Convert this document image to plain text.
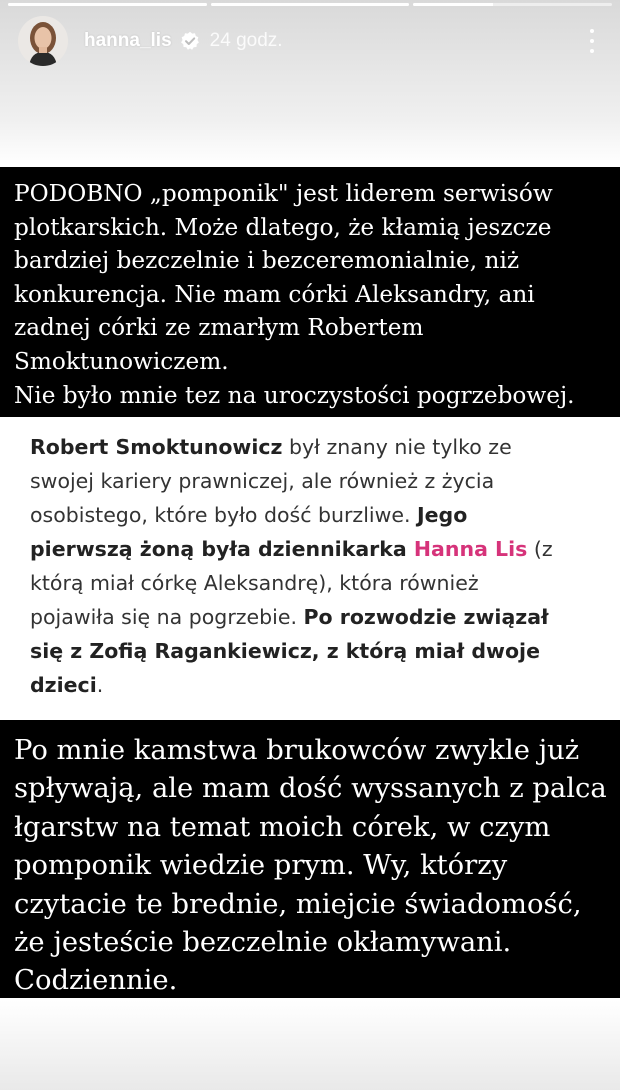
hanna_lis 24 godz.
PODOBNO „pomponik" jest liderem serwisów
plotkarskich. Może dlatego, że kłamią jeszcze
bardziej bezczelnie i bezceremonialnie, niż
konkurencja. Nie mam córki Aleksandry, ani
zadnej córki ze zmarłym Robertem
Smoktunowiczem.
Nie było mnie tez na uroczystości pogrzebowej.
Robert Smoktunowicz był znany nie tylko ze
swojej kariery prawniczej, ale również z życia
osobistego, które było dość burzliwe. Jego
pierwszą żoną była dziennikarka Hanna Lis (z
którą miał córkę Aleksandrę), która również
pojawiła się na pogrzebie. Po rozwodzie związał
się z Zofią Ragankiewicz, z którą miał dwoje
dzieci.
Po mnie kamstwa brukowców zwykle już
spływają, ale mam dość wyssanych z palca
łgarstw na temat moich córek, w czym
pomponik wiedzie prym. Wy, którzy
czytacie te brednie, miejcie świadomość,
że jesteście bezczelnie okłamywani.
Codziennie.
